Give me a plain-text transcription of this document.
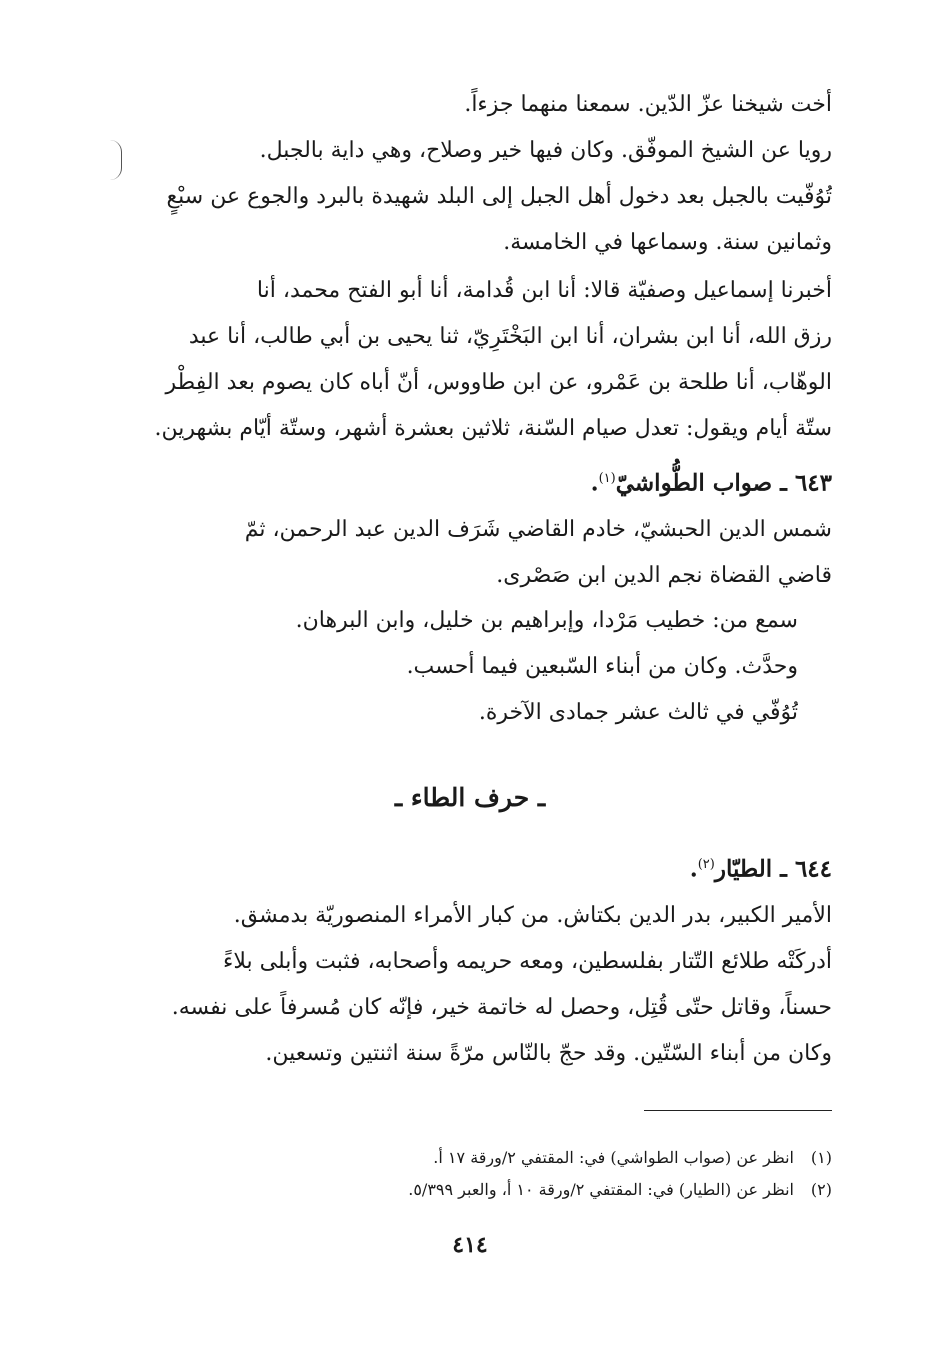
أخت شيخنا عزّ الدّين. سمعنا منهما جزءاً.
رويا عن الشيخ الموفّق. وكان فيها خير وصلاح، وهي داية بالجبل.
تُوُفّيت بالجبل بعد دخول أهل الجبل إلى البلد شهيدة بالبرد والجوع عن سبْعٍ
وثمانين سنة. وسماعها في الخامسة.
أخبرنا إسماعيل وصفيّة قالا: أنا ابن قُدامة، أنا أبو الفتح محمد، أنا
رزق الله، أنا ابن بشران، أنا ابن البَخْتَرِيّ، ثنا يحيى بن أبي طالب، أنا عبد
الوهّاب، أنا طلحة بن عَمْرو، عن ابن طاووس، أنّ أباه كان يصوم بعد الفِطْر
ستّة أيام ويقول: تعدل صيام السّنة، ثلاثين بعشرة أشهر، وستّة أيّام بشهرين.
٦٤٣ ـ صواب الطُّواشيّ$^{(١)}$.
شمس الدين الحبشيّ، خادم القاضي شَرَف الدين عبد الرحمن، ثمّ
قاضي القضاة نجم الدين ابن صَصْرى.
سمع من: خطيب مَرْدا، وإبراهيم بن خليل، وابن البرهان.
وحدَّث. وكان من أبناء السّبعين فيما أحسب.
تُوُفّي في ثالث عشر جمادى الآخرة.
ـ حرف الطاء ـ
٦٤٤ ـ الطيّار$^{(٢)}$.
الأمير الكبير، بدر الدين بكتاش. من كبار الأمراء المنصوريّة بدمشق.
أدركَتْه طلائع التّتار بفلسطين، ومعه حريمه وأصحابه، فثبت وأبلى بلاءً
حسناً، وقاتل حتّى قُتِل، وحصل له خاتمة خير، فإنّه كان مُسرفاً على نفسه.
وكان من أبناء السّتّين. وقد حجّ بالنّاس مرّةً سنة اثنتين وتسعين.
(١)انظر عن (صواب الطواشي) في: المقتفي ٢/ورقة ١٧ أ.
(٢)انظر عن (الطيار) في: المقتفي ٢/ورقة ١٠ أ، والعبر ٥/٣٩٩.
٤١٤
